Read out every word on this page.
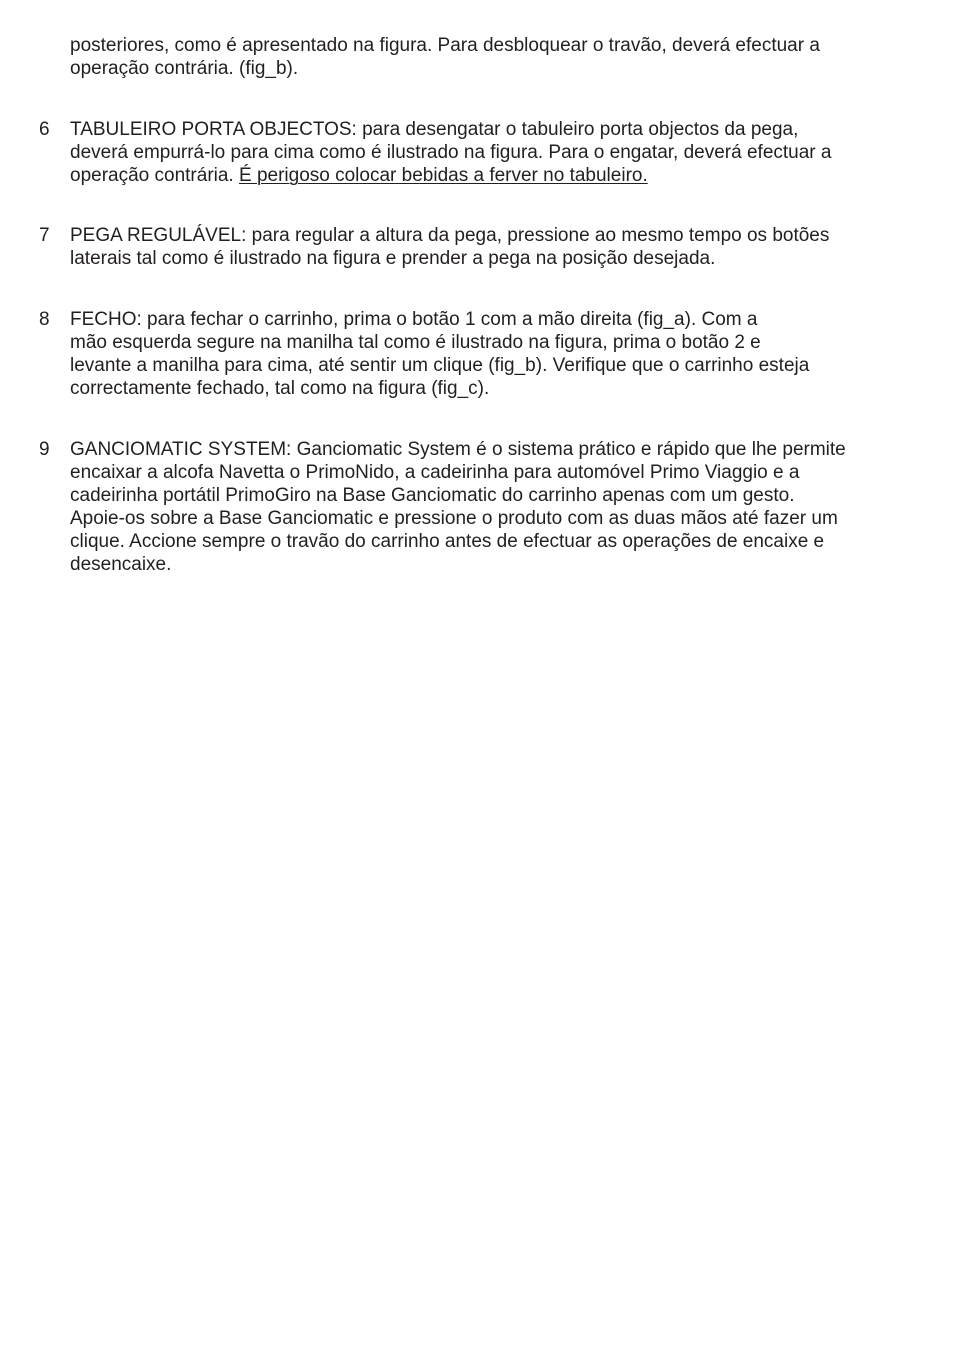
posteriores, como é apresentado na figura. Para desbloquear o travão, deverá efectuar a
operação contrária. (fig_b).
6	TABULEIRO PORTA OBJECTOS: para desengatar o tabuleiro porta objectos da pega,
deverá empurrá-lo para cima como é ilustrado na figura. Para o engatar, deverá efectuar a
operação contrária. É perigoso colocar bebidas a ferver no tabuleiro.
7	PEGA REGULÁVEL: para regular a altura da pega, pressione ao mesmo tempo os botões
laterais tal como é ilustrado na figura e prender a pega na posição desejada.
8	FECHO: para fechar o carrinho, prima o botão 1 com a mão direita (fig_a). Com a
mão esquerda segure na manilha tal como é ilustrado na figura, prima o botão 2 e
levante a manilha para cima, até sentir um clique (fig_b). Verifique que o carrinho esteja
correctamente fechado, tal como na figura (fig_c).
9	GANCIOMATIC SYSTEM: Ganciomatic System é o sistema prático e rápido que lhe permite
encaixar a alcofa Navetta o PrimoNido, a cadeirinha para automóvel Primo Viaggio e a
cadeirinha portátil PrimoGiro na Base Ganciomatic do carrinho apenas com um gesto.
Apoie-os sobre a Base Ganciomatic e pressione o produto com as duas mãos até fazer um
clique. Accione sempre o travão do carrinho antes de efectuar as operações de encaixe e
desencaixe.
